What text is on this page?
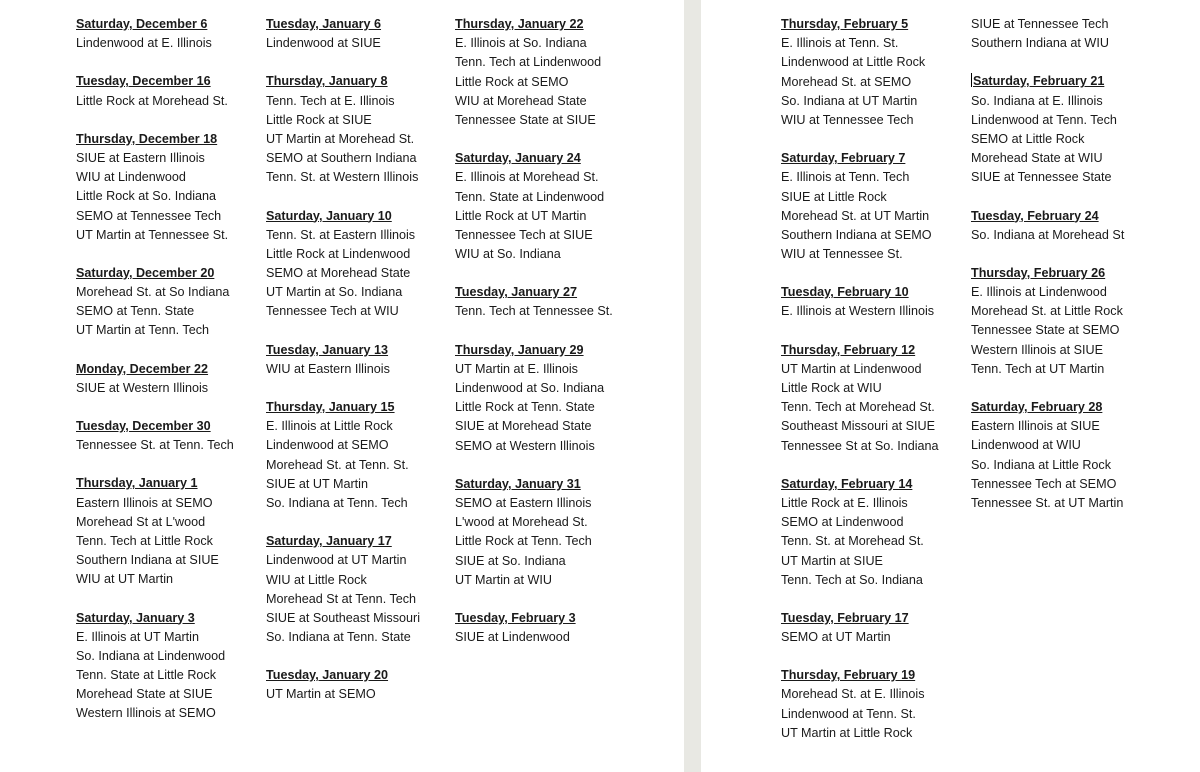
Saturday, December 6
Lindenwood at E. Illinois
Tuesday, December 16
Little Rock at Morehead St.
Thursday, December 18
SIUE at Eastern Illinois
WIU at Lindenwood
Little Rock at So. Indiana
SEMO at Tennessee Tech
UT Martin at Tennessee St.
Saturday, December 20
Morehead St. at So Indiana
SEMO at Tenn. State
UT Martin at Tenn. Tech
Monday, December 22
SIUE at Western Illinois
Tuesday, December 30
Tennessee St. at Tenn. Tech
Thursday, January 1
Eastern Illinois at SEMO
Morehead St at L'wood
Tenn. Tech at Little Rock
Southern Indiana at SIUE
WIU at UT Martin
Saturday, January 3
E. Illinois at UT Martin
So. Indiana at Lindenwood
Tenn. State at Little Rock
Morehead State at SIUE
Western Illinois at SEMO
Tuesday, January 6
Lindenwood at SIUE
Thursday, January 8
Tenn. Tech at E. Illinois
Little Rock at SIUE
UT Martin at Morehead St.
SEMO at Southern Indiana
Tenn. St. at Western Illinois
Saturday, January 10
Tenn. St. at Eastern Illinois
Little Rock at Lindenwood
SEMO at Morehead State
UT Martin at So. Indiana
Tennessee Tech at WIU
Tuesday, January 13
WIU at Eastern Illinois
Thursday, January 15
E. Illinois at Little Rock
Lindenwood at SEMO
Morehead St. at Tenn. St.
SIUE at UT Martin
So. Indiana at Tenn. Tech
Saturday, January 17
Lindenwood at UT Martin
WIU at Little Rock
Morehead St at Tenn. Tech
SIUE at Southeast Missouri
So. Indiana at Tenn. State
Tuesday, January 20
UT Martin at SEMO
Thursday, January 22
E. Illinois at So. Indiana
Tenn. Tech at Lindenwood
Little Rock at SEMO
WIU at Morehead State
Tennessee State at SIUE
Saturday, January 24
E. Illinois at Morehead St.
Tenn. State at Lindenwood
Little Rock at UT Martin
Tennessee Tech at SIUE
WIU at So. Indiana
Tuesday, January 27
Tenn. Tech at Tennessee St.
Thursday, January 29
UT Martin at E. Illinois
Lindenwood at So. Indiana
Little Rock at Tenn. State
SIUE at Morehead State
SEMO at Western Illinois
Saturday, January 31
SEMO at Eastern Illinois
L'wood at Morehead St.
Little Rock at Tenn. Tech
SIUE at So. Indiana
UT Martin at WIU
Tuesday, February 3
SIUE at Lindenwood
Thursday, February 5
E. Illinois at Tenn. St.
Lindenwood at Little Rock
Morehead St. at SEMO
So. Indiana at UT Martin
WIU at Tennessee Tech
Saturday, February 7
E. Illinois at Tenn. Tech
SIUE at Little Rock
Morehead St. at UT Martin
Southern Indiana at SEMO
WIU at Tennessee St.
Tuesday, February 10
E. Illinois at Western Illinois
Thursday, February 12
UT Martin at Lindenwood
Little Rock at WIU
Tenn. Tech at Morehead St.
Southeast Missouri at SIUE
Tennessee St at So. Indiana
Saturday, February 14
Little Rock at E. Illinois
SEMO at Lindenwood
Tenn. St. at Morehead St.
UT Martin at SIUE
Tenn. Tech at So. Indiana
Tuesday, February 17
SEMO at UT Martin
Thursday, February 19
Morehead St. at E. Illinois
Lindenwood at Tenn. St.
UT Martin at Little Rock
SIUE at Tennessee Tech
Southern Indiana at WIU
Saturday, February 21
So. Indiana at E. Illinois
Lindenwood at Tenn. Tech
SEMO at Little Rock
Morehead State at WIU
SIUE at Tennessee State
Tuesday, February 24
So. Indiana at Morehead St
Thursday, February 26
E. Illinois at Lindenwood
Morehead St. at Little Rock
Tennessee State at SEMO
Western Illinois at SIUE
Tenn. Tech at UT Martin
Saturday, February 28
Eastern Illinois at SIUE
Lindenwood at WIU
So. Indiana at Little Rock
Tennessee Tech at SEMO
Tennessee St. at UT Martin
